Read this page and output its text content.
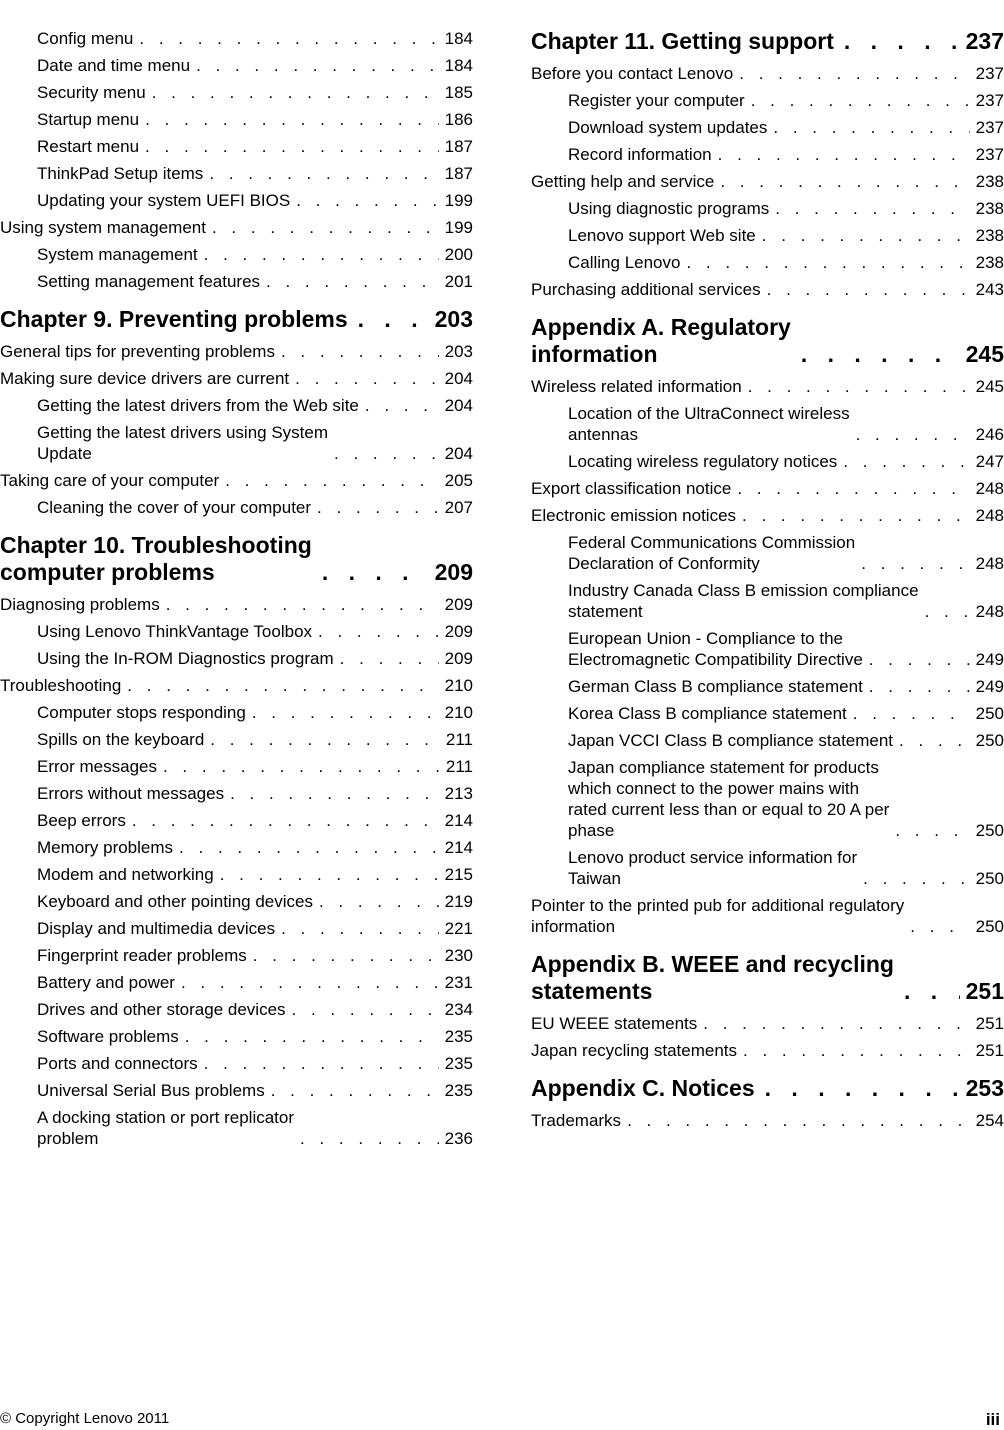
Config menu . . .	184
Date and time menu . . .	184
Security menu . . .	185
Startup menu . . .	186
Restart menu . . .	187
ThinkPad Setup items . . .	187
Updating your system UEFI BIOS . . .	199
Using system management . . .	199
System management . . .	200
Setting management features . . .	201
Chapter 9. Preventing problems . . .	203
General tips for preventing problems . . .	203
Making sure device drivers are current . . .	204
Getting the latest drivers from the Web site . . .	204
Getting the latest drivers using System
Update . . .	204
Taking care of your computer . . .	205
Cleaning the cover of your computer . . .	207
Chapter 10. Troubleshooting
computer problems . . .	209
Diagnosing problems . . .	209
Using Lenovo ThinkVantage Toolbox . . .	209
Using the In-ROM Diagnostics program . . .	209
Troubleshooting . . .	210
Computer stops responding . . .	210
Spills on the keyboard . . .	211
Error messages . . .	211
Errors without messages . . .	213
Beep errors . . .	214
Memory problems . . .	214
Modem and networking . . .	215
Keyboard and other pointing devices . . .	219
Display and multimedia devices . . .	221
Fingerprint reader problems . . .	230
Battery and power . . .	231
Drives and other storage devices . . .	234
Software problems . . .	235
Ports and connectors . . .	235
Universal Serial Bus problems . . .	235
A docking station or port replicator
problem . . .	236
Chapter 11. Getting support . . .	237
Before you contact Lenovo . . .	237
Register your computer . . .	237
Download system updates . . .	237
Record information . . .	237
Getting help and service . . .	238
Using diagnostic programs . . .	238
Lenovo support Web site . . .	238
Calling Lenovo . . .	238
Purchasing additional services . . .	243
Appendix A. Regulatory
information . . .	245
Wireless related information . . .	245
Location of the UltraConnect wireless
antennas . . .	246
Locating wireless regulatory notices . . .	247
Export classification notice . . .	248
Electronic emission notices . . .	248
Federal Communications Commission
Declaration of Conformity . . .	248
Industry Canada Class B emission compliance
statement . . .	248
European Union - Compliance to the
Electromagnetic Compatibility Directive . . .	249
German Class B compliance statement . . .	249
Korea Class B compliance statement . . .	250
Japan VCCI Class B compliance statement . . .	250
Japan compliance statement for products
which connect to the power mains with
rated current less than or equal to 20 A per
phase . . .	250
Lenovo product service information for
Taiwan . . .	250
Pointer to the printed pub for additional regulatory
information . . .	250
Appendix B. WEEE and recycling
statements . . .	251
EU WEEE statements . . .	251
Japan recycling statements . . .	251
Appendix C. Notices . . .	253
Trademarks . . .	254
© Copyright Lenovo 2011	iii
